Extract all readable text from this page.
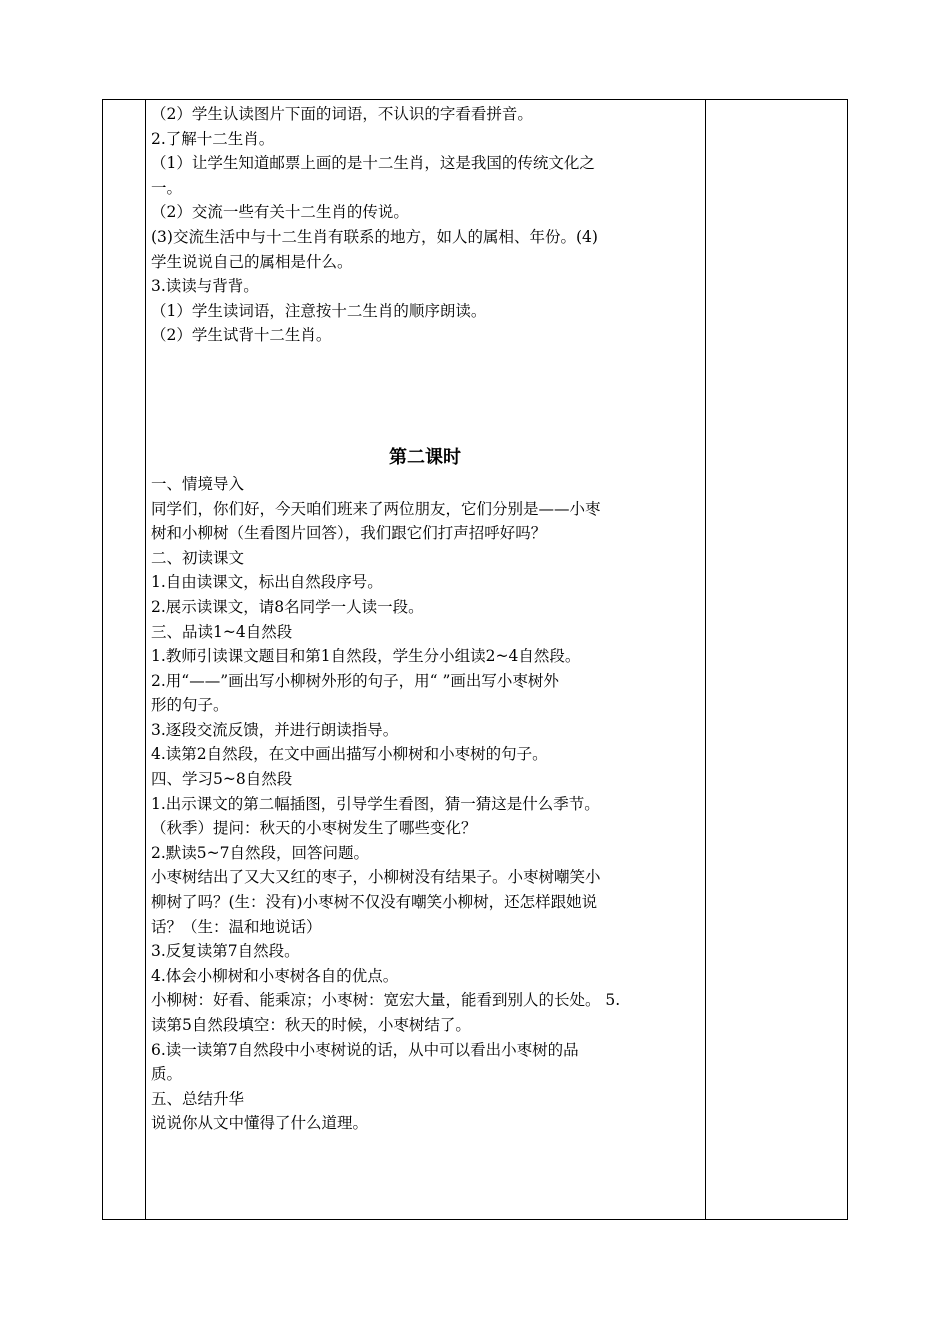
（2）学生认读图片下面的词语，不认识的字看看拼音。
2.了解十二生肖。
（1）让学生知道邮票上画的是十二生肖，这是我国的传统文化之
一。
（2）交流一些有关十二生肖的传说。
(3)交流生活中与十二生肖有联系的地方，如人的属相、年份。(4)
学生说说自己的属相是什么。
3.读读与背背。
（1）学生读词语，注意按十二生肖的顺序朗读。
（2）学生试背十二生肖。
第二课时
一、情境导入
同学们，你们好，今天咱们班来了两位朋友，它们分别是——小枣
树和小柳树（生看图片回答），我们跟它们打声招呼好吗？
二、初读课文
1.自由读课文，标出自然段序号。
2.展示读课文，请8名同学一人读一段。
三、品读1~4自然段
1.教师引读课文题目和第1自然段，学生分小组读2~4自然段。
2.用“——”画出写小柳树外形的句子，用“ ”画出写小枣树外
形的句子。
3.逐段交流反馈，并进行朗读指导。
4.读第2自然段，在文中画出描写小柳树和小枣树的句子。
四、学习5~8自然段
1.出示课文的第二幅插图，引导学生看图，猜一猜这是什么季节。
（秋季）提问：秋天的小枣树发生了哪些变化？
2.默读5~7自然段，回答问题。
小枣树结出了又大又红的枣子，小柳树没有结果子。小枣树嘲笑小
柳树了吗？(生：没有)小枣树不仅没有嘲笑小柳树，还怎样跟她说
话？（生：温和地说话）
3.反复读第7自然段。
4.体会小柳树和小枣树各自的优点。
小柳树：好看、能乘凉；小枣树：宽宏大量，能看到别人的长处。 5.
读第5自然段填空：秋天的时候，小枣树结了。
6.读一读第7自然段中小枣树说的话，从中可以看出小枣树的品
质。
五、总结升华
说说你从文中懂得了什么道理。
